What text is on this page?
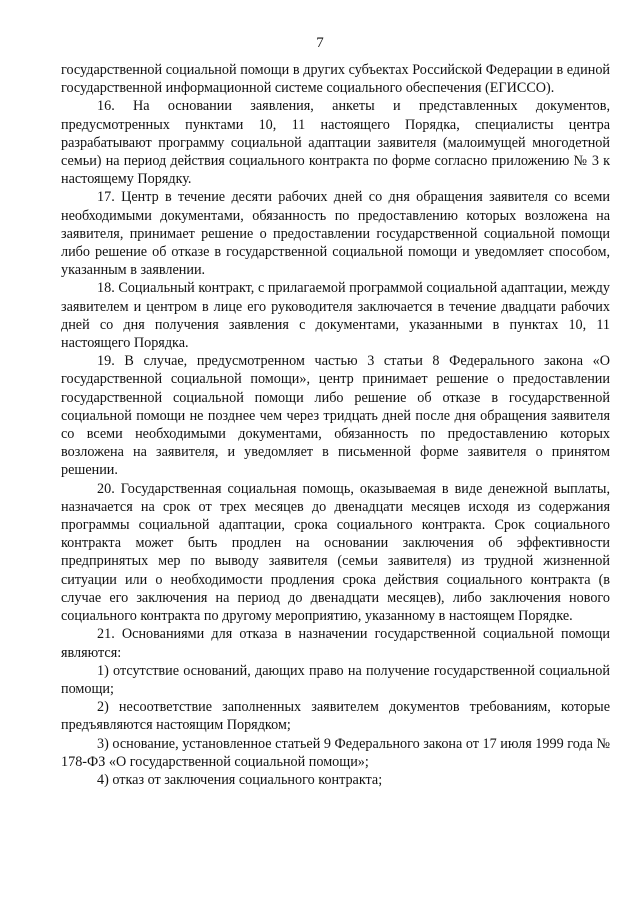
7

государственной социальной помощи в других субъектах Российской Федерации в единой государственной информационной системе социального обеспечения (ЕГИССО).

16. На основании заявления, анкеты и представленных документов, предусмотренных пунктами 10, 11 настоящего Порядка, специалисты центра разрабатывают программу социальной адаптации заявителя (малоимущей многодетной семьи) на период действия социального контракта по форме согласно приложению № 3 к настоящему Порядку.

17. Центр в течение десяти рабочих дней со дня обращения заявителя со всеми необходимыми документами, обязанность по предоставлению которых возложена на заявителя, принимает решение о предоставлении государственной социальной помощи либо решение об отказе в государственной социальной помощи и уведомляет способом, указанным в заявлении.

18. Социальный контракт, с прилагаемой программой социальной адаптации, между заявителем и центром в лице его руководителя заключается в течение двадцати рабочих дней со дня получения заявления с документами, указанными в пунктах 10, 11 настоящего Порядка.

19. В случае, предусмотренном частью 3 статьи 8 Федерального закона «О государственной социальной помощи», центр принимает решение о предоставлении государственной социальной помощи либо решение об отказе в государственной социальной помощи не позднее чем через тридцать дней после дня обращения заявителя со всеми необходимыми документами, обязанность по предоставлению которых возложена на заявителя, и уведомляет в письменной форме заявителя о принятом решении.

20. Государственная социальная помощь, оказываемая в виде денежной выплаты, назначается на срок от трех месяцев до двенадцати месяцев исходя из содержания программы социальной адаптации, срока социального контракта. Срок социального контракта может быть продлен на основании заключения об эффективности предпринятых мер по выводу заявителя (семьи заявителя) из трудной жизненной ситуации или о необходимости продления срока действия социального контракта (в случае его заключения на период до двенадцати месяцев), либо заключения нового социального контракта по другому мероприятию, указанному в настоящем Порядке.

21. Основаниями для отказа в назначении государственной социальной помощи являются:

1) отсутствие оснований, дающих право на получение государственной социальной помощи;

2) несоответствие заполненных заявителем документов требованиям, которые предъявляются настоящим Порядком;

3) основание, установленное статьей 9 Федерального закона от 17 июля 1999 года № 178-ФЗ «О государственной социальной помощи»;

4) отказ от заключения социального контракта;
